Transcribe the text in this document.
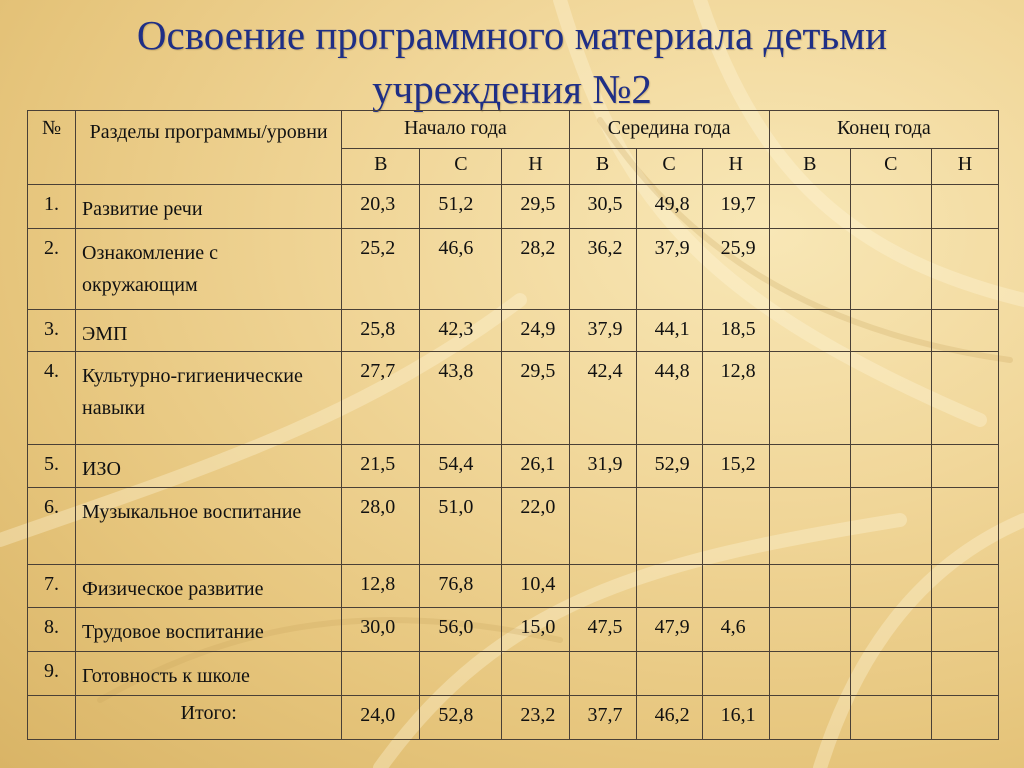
Освоение программного материала детьми
учреждения №2
№	Разделы программы/уровни	Начало года			Середина года			Конец года		
		В	С	Н	В	С	Н	В	С	Н
1.	Развитие речи	20,3	51,2	29,5	30,5	49,8	19,7			
2.	Ознакомление с окружающим	25,2	46,6	28,2	36,2	37,9	25,9			
3.	ЭМП	25,8	42,3	24,9	37,9	44,1	18,5			
4.	Культурно-гигиенические навыки	27,7	43,8	29,5	42,4	44,8	12,8			
5.	ИЗО	21,5	54,4	26,1	31,9	52,9	15,2			
6.	Музыкальное воспитание	28,0	51,0	22,0						
7.	Физическое развитие	12,8	76,8	10,4						
8.	Трудовое воспитание	30,0	56,0	15,0	47,5	47,9	4,6			
9.	Готовность к школе									
	Итого:	24,0	52,8	23,2	37,7	46,2	16,1			
